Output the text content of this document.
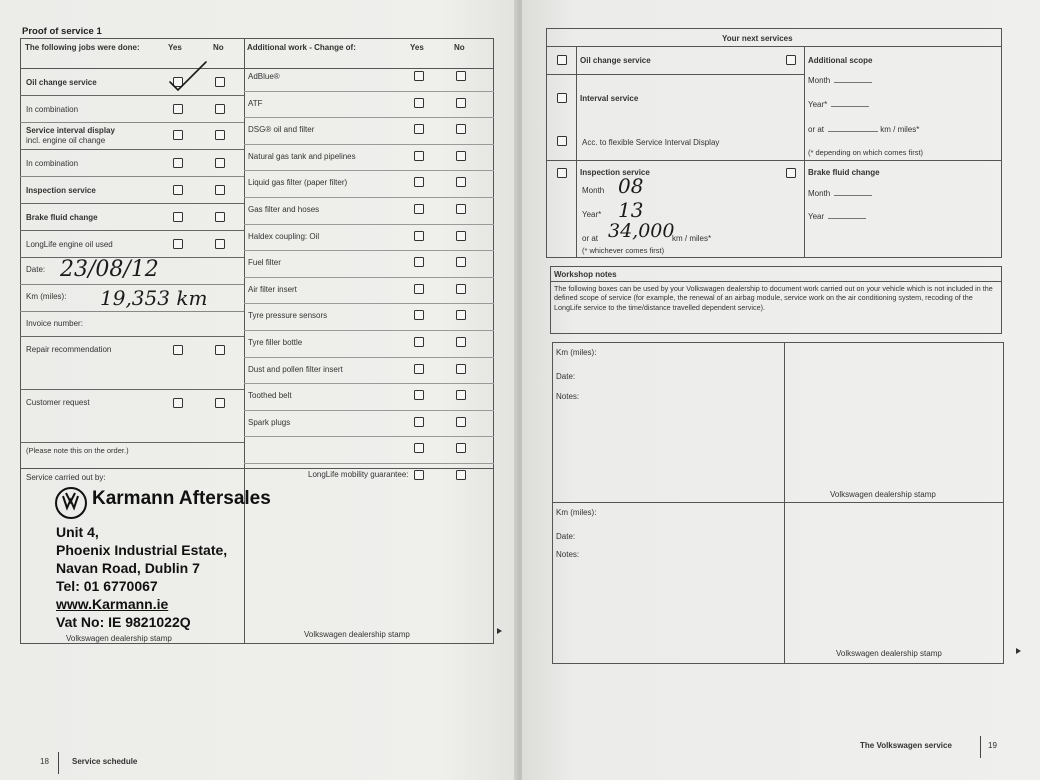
Proof of service 1
The following jobs were done:	Yes	No	Additional work - Change of:	Yes	No
Oil change service
In combination
Service interval display
incl. engine oil change
In combination
Inspection service
Brake fluid change
LongLife engine oil used
Date: 23/08/12
Km (miles): 19,353 km
Invoice number:
Repair recommendation
Customer request
(Please note this on the order.)
AdBlue®
ATF
DSG® oil and filter
Natural gas tank and pipelines
Liquid gas filter (paper filter)
Gas filter and hoses
Haldex coupling: Oil
Fuel filter
Air filter insert
Tyre pressure sensors
Tyre filler bottle
Dust and pollen filter insert
Toothed belt
Spark plugs
Service carried out by:	LongLife mobility guarantee:
Karmann Aftersales
Unit 4,
Phoenix Industrial Estate,
Navan Road, Dublin 7
Tel: 01 6770067
www.Karmann.ie
Vat No: IE 9821022Q
Volkswagen dealership stamp	Volkswagen dealership stamp
18	Service schedule
Your next services
Oil change service
Interval service
Acc. to flexible Service Interval Display
Additional scope
Month
Year*
or at	km / miles*
(* depending on which comes first)
Inspection service
Month 08
Year* 13
or at 34,000
km / miles*
(* whichever comes first)
Brake fluid change
Month
Year
Workshop notes
The following boxes can be used by your Volkswagen dealership to document work carried out on your vehicle which is not included in the defined scope of service (for example, the renewal of an airbag module, service work on the air conditioning system, recoding of the LongLife service to the time/distance travelled dependent service).
Km (miles):
Date:
Notes:
Volkswagen dealership stamp
Km (miles):
Date:
Notes:
Volkswagen dealership stamp
The Volkswagen service	19
